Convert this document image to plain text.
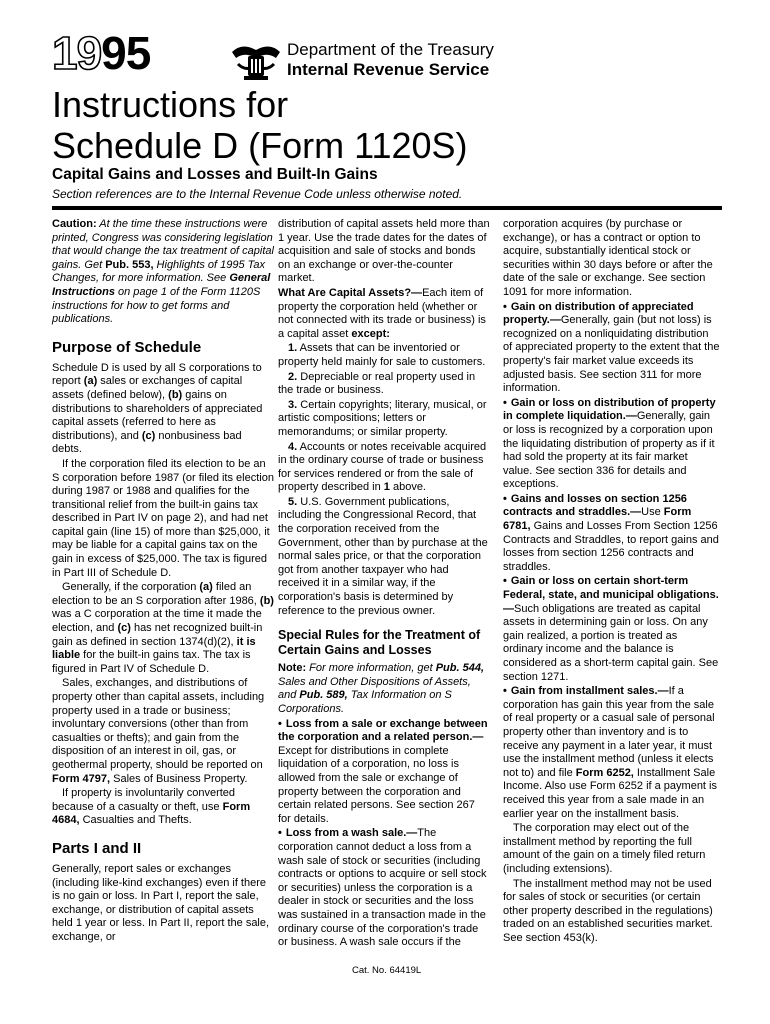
1995	Department of the Treasury
Internal Revenue Service
Instructions for
Schedule D (Form 1120S)
Capital Gains and Losses and Built-In Gains
Section references are to the Internal Revenue Code unless otherwise noted.

Caution: At the time these instructions were printed, Congress was considering legislation that would change the tax treatment of capital gains. Get Pub. 553, Highlights of 1995 Tax Changes, for more information. See General Instructions on page 1 of the Form 1120S instructions for how to get forms and publications.

Purpose of Schedule

Schedule D is used by all S corporations to report (a) sales or exchanges of capital assets (defined below), (b) gains on distributions to shareholders of appreciated capital assets (referred to here as distributions), and (c) nonbusiness bad debts.

If the corporation filed its election to be an S corporation before 1987 (or filed its election during 1987 or 1988 and qualifies for the transitional relief from the built-in gains tax described in Part IV on page 2), and had net capital gain (line 15) of more than $25,000, it may be liable for a capital gains tax on the gain in excess of $25,000. The tax is figured in Part III of Schedule D.

Generally, if the corporation (a) filed an election to be an S corporation after 1986, (b) was a C corporation at the time it made the election, and (c) has net recognized built-in gain as defined in section 1374(d)(2), it is liable for the built-in gains tax. The tax is figured in Part IV of Schedule D.

Sales, exchanges, and distributions of property other than capital assets, including property used in a trade or business; involuntary conversions (other than from casualties or thefts); and gain from the disposition of an interest in oil, gas, or geothermal property, should be reported on Form 4797, Sales of Business Property.

If property is involuntarily converted because of a casualty or theft, use Form 4684, Casualties and Thefts.

Parts I and II

Generally, report sales or exchanges (including like-kind exchanges) even if there is no gain or loss. In Part I, report the sale, exchange, or distribution of capital assets held 1 year or less. In Part II, report the sale, exchange, or

distribution of capital assets held more than 1 year. Use the trade dates for the dates of acquisition and sale of stocks and bonds on an exchange or over-the-counter market.

What Are Capital Assets?—Each item of property the corporation held (whether or not connected with its trade or business) is a capital asset except:

1. Assets that can be inventoried or property held mainly for sale to customers.

2. Depreciable or real property used in the trade or business.

3. Certain copyrights; literary, musical, or artistic compositions; letters or memorandums; or similar property.

4. Accounts or notes receivable acquired in the ordinary course of trade or business for services rendered or from the sale of property described in 1 above.

5. U.S. Government publications, including the Congressional Record, that the corporation received from the Government, other than by purchase at the normal sales price, or that the corporation got from another taxpayer who had received it in a similar way, if the corporation's basis is determined by reference to the previous owner.

Special Rules for the Treatment of Certain Gains and Losses

Note: For more information, get Pub. 544, Sales and Other Dispositions of Assets, and Pub. 589, Tax Information on S Corporations.

• Loss from a sale or exchange between the corporation and a related person.—Except for distributions in complete liquidation of a corporation, no loss is allowed from the sale or exchange of property between the corporation and certain related persons. See section 267 for details.

• Loss from a wash sale.—The corporation cannot deduct a loss from a wash sale of stock or securities (including contracts or options to acquire or sell stock or securities) unless the corporation is a dealer in stock or securities and the loss was sustained in a transaction made in the ordinary course of the corporation's trade or business. A wash sale occurs if the

corporation acquires (by purchase or exchange), or has a contract or option to acquire, substantially identical stock or securities within 30 days before or after the date of the sale or exchange. See section 1091 for more information.

• Gain on distribution of appreciated property.—Generally, gain (but not loss) is recognized on a nonliquidating distribution of appreciated property to the extent that the property's fair market value exceeds its adjusted basis. See section 311 for more information.

• Gain or loss on distribution of property in complete liquidation.—Generally, gain or loss is recognized by a corporation upon the liquidating distribution of property as if it had sold the property at its fair market value. See section 336 for details and exceptions.

• Gains and losses on section 1256 contracts and straddles.—Use Form 6781, Gains and Losses From Section 1256 Contracts and Straddles, to report gains and losses from section 1256 contracts and straddles.

• Gain or loss on certain short-term Federal, state, and municipal obligations.—Such obligations are treated as capital assets in determining gain or loss. On any gain realized, a portion is treated as ordinary income and the balance is considered as a short-term capital gain. See section 1271.

• Gain from installment sales.—If a corporation has gain this year from the sale of real property or a casual sale of personal property other than inventory and is to receive any payment in a later year, it must use the installment method (unless it elects not to) and file Form 6252, Installment Sale Income. Also use Form 6252 if a payment is received this year from a sale made in an earlier year on the installment basis.

The corporation may elect out of the installment method by reporting the full amount of the gain on a timely filed return (including extensions).

The installment method may not be used for sales of stock or securities (or certain other property described in the regulations) traded on an established securities market. See section 453(k).

Cat. No. 64419L
